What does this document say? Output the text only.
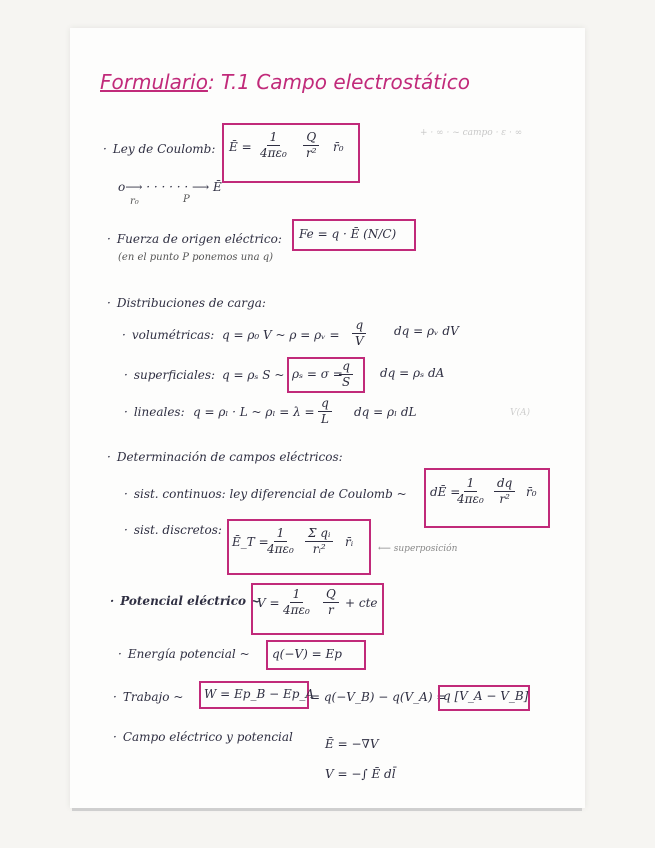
+ · ∞ · ~ campo · ε · ∞
V(A)
Formulario: T.1 Campo electrostático
· Ley de Coulomb: Ē = $\frac{1}{\text{4πε₀}} \frac{Q}{\text{r²}}$ r̄₀
o⟶ · · · · · · ⟶ Ē
r₀	P
· Fuerza de origen eléctrico: Fe = q · Ē (N/C)
(en el punto P ponemos una q)
· Distribuciones de carga:
· volumétricas: q = ρ₀ V ~ ρ = ρᵥ = $\frac{q}{V}$ dq = ρᵥ dV
· superficiales: q = ρₛ S ~ ρₛ = σ =
$\frac{q}{S}$ dq = ρₛ dA
· lineales: q = ρₗ · L ~ $\rho_l = \lambda = \frac{q}{L}$ dq = ρₗ dL
· Determinación de campos eléctricos:
· sist. continuos: ley diferencial de Coulomb ~ dĒ =
$\frac{1}{\text{4πε₀}} \frac{dq}{\text{r²}}$ r̄₀
· sist. discretos:
Ē_T =
$\frac{1}{\text{4πε₀}} \frac{\text{Σ qᵢ}}{\text{rᵢ²}}$ r̄ᵢ	⟵ superposición
· Potencial eléctrico ~
$V = \frac{1}{\text{4πε₀}} \frac{Q}{r}$ + cte
· Energía potencial ~ q(−V) = Ep
· Trabajo ~ W = Ep_B − Ep_A
= q(−V_B) − q(V_A) =
q [V_A − V_B]
· Campo eléctrico y potencial	Ē = −∇V
V = −∫ Ē dl̄
